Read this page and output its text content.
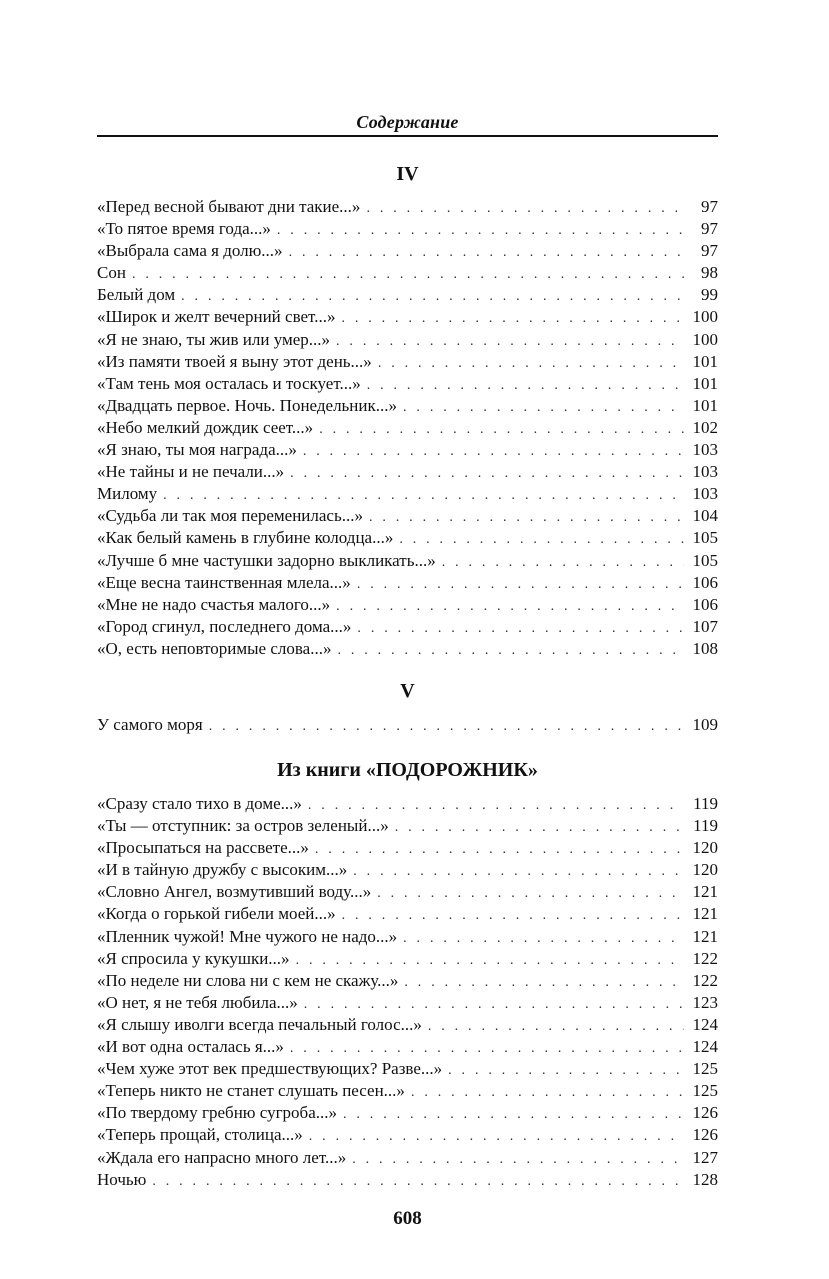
Содержание
IV
«Перед весной бывают дни такие...» . . .	97
«То пятое время года...» . . .	97
«Выбрала сама я долю...» . . .	97
Сон . . .	98
Белый дом . . .	99
«Широк и желт вечерний свет...» . . .	100
«Я не знаю, ты жив или умер...» . . .	100
«Из памяти твоей я выну этот день...» . . .	101
«Там тень моя осталась и тоскует...» . . .	101
«Двадцать первое. Ночь. Понедельник...» . . .	101
«Небо мелкий дождик сеет...» . . .	102
«Я знаю, ты моя награда...» . . .	103
«Не тайны и не печали...» . . .	103
Милому . . .	103
«Судьба ли так моя переменилась...» . . .	104
«Как белый камень в глубине колодца...» . . .	105
«Лучше б мне частушки задорно выкликать...» . . .	105
«Еще весна таинственная млела...» . . .	106
«Мне не надо счастья малого...» . . .	106
«Город сгинул, последнего дома...» . . .	107
«О, есть неповторимые слова...» . . .	108
V
У самого моря . . .	109
Из книги «ПОДОРОЖНИК»
«Сразу стало тихо в доме...» . . .	119
«Ты — отступник: за остров зеленый...» . . .	119
«Просыпаться на рассвете...» . . .	120
«И в тайную дружбу с высоким...» . . .	120
«Словно Ангел, возмутивший воду...» . . .	121
«Когда о горькой гибели моей...» . . .	121
«Пленник чужой! Мне чужого не надо...» . . .	121
«Я спросила у кукушки...» . . .	122
«По неделе ни слова ни с кем не скажу...» . . .	122
«О нет, я не тебя любила...» . . .	123
«Я слышу иволги всегда печальный голос...» . . .	124
«И вот одна осталась я...» . . .	124
«Чем хуже этот век предшествующих? Разве...» . . .	125
«Теперь никто не станет слушать песен...» . . .	125
«По твердому гребню сугроба...» . . .	126
«Теперь прощай, столица...» . . .	126
«Ждала его напрасно много лет...» . . .	127
Ночью . . .	128
608
